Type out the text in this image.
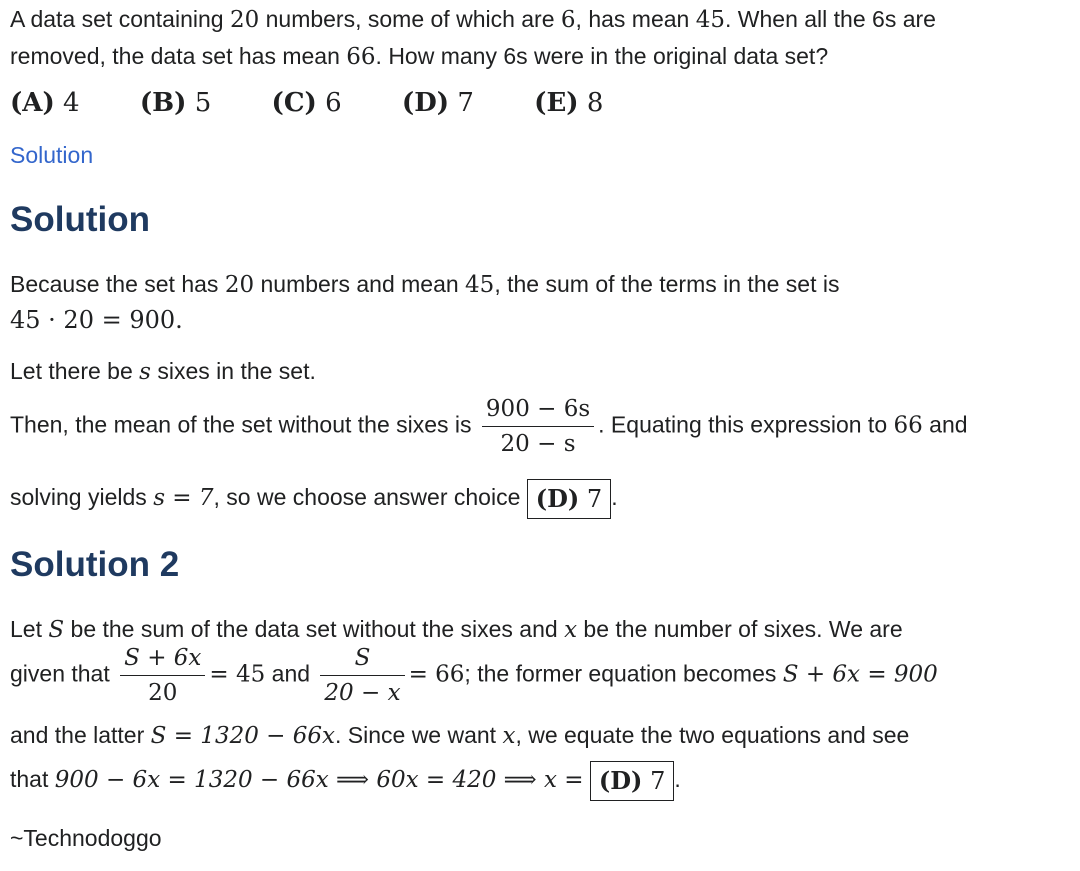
A data set containing 20 numbers, some of which are 6, has mean 45. When all the 6s are
removed, the data set has mean 66. How many 6s were in the original data set?
(A) 4 (B) 5 (C) 6 (D) 7 (E) 8
Solution
Solution
Because the set has 20 numbers and mean 45, the sum of the terms in the set is
45 · 20 = 900.
Let there be s sixes in the set.
Then, the mean of the set without the sixes is $\frac{900 - 6s}{20 - s}$ . Equating this expression to 66 and
solving yields s = 7, so we choose answer choice (D) 7 .
Solution 2
Let S be the sum of the data set without the sixes and x be the number of sixes. We are
given that $\frac{S + 6x}{20} = 45$ and $\frac{S}{20 - x} = 66$; the former equation becomes S + 6x = 900
and the latter S = 1320 − 66x. Since we want x, we equate the two equations and see
that 900 − 6x = 1320 − 66x ⟹ 60x = 420 ⟹ x = (D) 7 .
~Technodoggo
